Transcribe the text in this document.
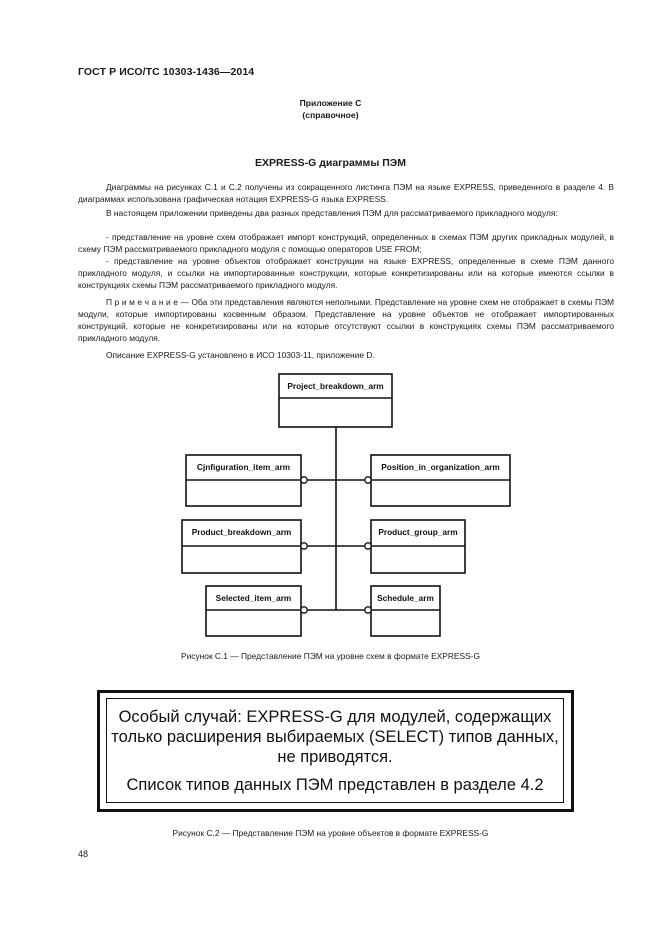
ГОСТ Р ИСО/ТС 10303-1436—2014
Приложение С
(справочное)
EXPRESS-G диаграммы ПЭМ

Диаграммы на рисунках С.1 и С.2 получены из сокращенного листинга ПЭМ на языке EXPRESS, приведенного в разделе 4. В диаграммах использована графическая нотация EXPRESS-G языка EXPRESS.

В настоящем приложении приведены два разных представления ПЭМ для рассматриваемого прикладного модуля:

- представление на уровне схем отображает импорт конструкций, определенных в схемах ПЭМ других прикладных модулей, в схему ПЭМ рассматриваемого прикладного модуля с помощью операторов USE FROM;

- представление на уровне объектов отображает конструкции на языке EXPRESS, определенные в схеме ПЭМ данного прикладного модуля, и ссылки на импортированные конструкции, которые конкретизированы или на которые имеются ссылки в конструкциях схемы ПЭМ рассматриваемого прикладного модуля.

П р и м е ч а н и е — Оба эти представления являются неполными. Представление на уровне схем не отображает в схемы ПЭМ модули, которые импортированы косвенным образом. Представление на уровне объектов не отображает импортированных конструкций, которые не конкретизированы или на которые отсутствуют ссылки в конструкциях схемы ПЭМ рассматриваемого прикладного модуля.

Описание EXPRESS-G установлено в ИСО 10303-11, приложение D.

Project_breakdown_arm
Cjnfiguration_item_arm
Product_breakdown_arm
Selected_item_arm
Position_in_organization_arm
Product_group_arm
Schedule_arm
Рисунок С.1 — Представление ПЭМ на уровне схем в формате EXPRESS-G
Особый случай: EXPRESS-G для модулей, содержащих
только расширения выбираемых (SELECT) типов данных,
не приводятся.
Список типов данных ПЭМ представлен в разделе 4.2
Рисунок С.2 — Представление ПЭМ на уровне объектов в формате EXPRESS-G
48
